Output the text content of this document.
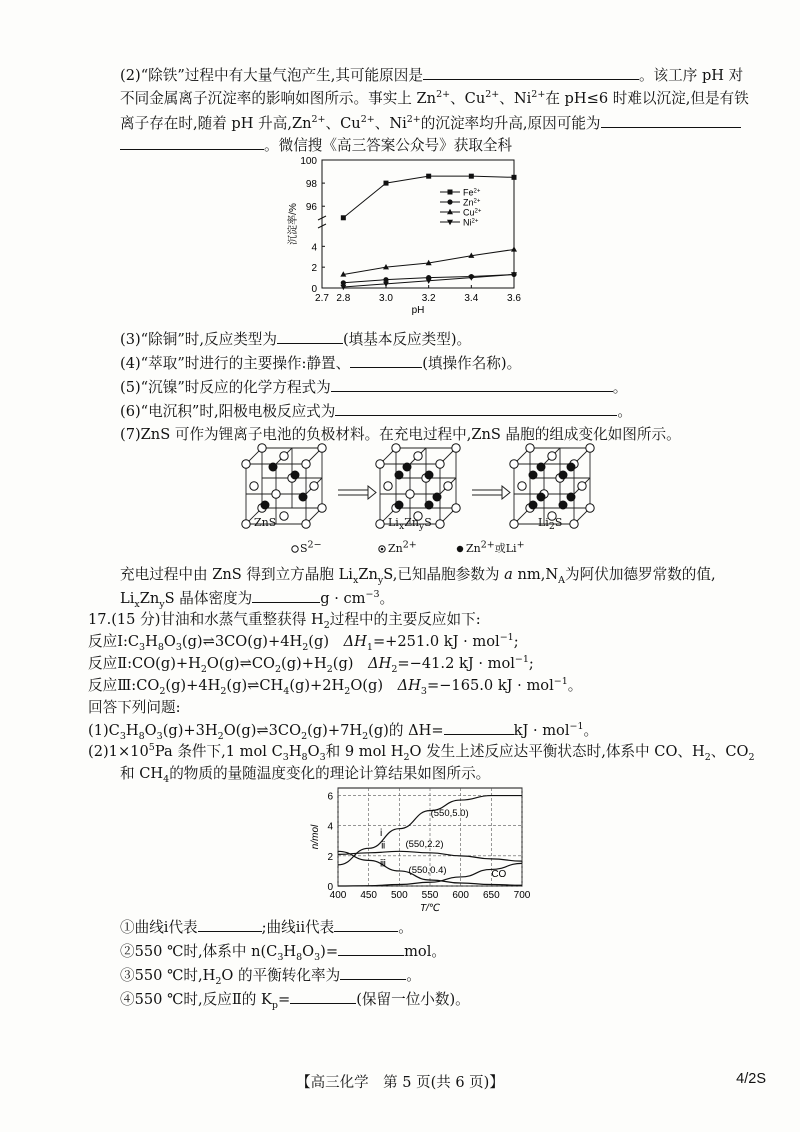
(2)“除铁”过程中有大量气泡产生,其可能原因是	。该工序 pH 对
不同金属离子沉淀率的影响如图所示。事实上 $Zn^{2+}$、$Cu^{2+}$、$Ni^{2+}$在 pH≤6 时难以沉淀,但是有铁
离子存在时,随着 pH 升高$,Zn^{2+}$、$Cu^{2+}$、$Ni^{2+}$的沉淀率均升高,原因可能为
。微信搜《高三答案公众号》获取全科
2.7 2.8	3.0	3.2	3.4	3.6
pH
96
98
100
0
2
4
沉淀率/%
$Fe^{2+}$
$Zn^{2+}$
$Cu^{2+}$
$Ni^{2+}$
(3)“除铜”时,反应类型为	(填基本反应类型)。
(4)“萃取”时进行的主要操作:静置、	(填操作名称)。
(5)“沉镍”时反应的化学方程式为	。
(6)“电沉积”时,阳极电极反应式为	。
(7)ZnS 可作为锂离子电池的负极材料。在充电过程中,ZnS 晶胞的组成变化如图所示。
ZnS	$Li_xZn_yS$	$Li_2S$
$S^{2-}$	$Zn^{2+}$	$Zn^{2+}$或Li+
充电过程中由 ZnS 得到立方晶胞 $Li_xZn_yS$,已知晶胞参数为 a $nm,N_A$为阿伏加德罗常数的值,
$Li_xZn_yS$ 晶体密度为	$g \cdot cm^{-3}$。
17.(15 分)甘油和水蒸气重整获得 $H_2$过程中的主要反应如下:
反应$Ⅰ:C_3H_8O_3(g)\rightleftharpoons 3CO(g)+4H_2(g)$  $\Delta H_1=+251.0$ kJ · mol$^{-1}$;
反应$Ⅱ:CO(g)+H_2O(g)\rightleftharpoons CO_2(g)+H_2(g)$  $\Delta H_2=-41.2$ kJ · mol$^{-1}$;
反应$Ⅲ:CO_2(g)+4H_2(g)\rightleftharpoons CH_4(g)+2H_2O(g)$  $\Delta H_3=-165.0$ kJ · mol$^{-1}$。
回答下列问题:
$(1)C_3H_8O_3(g)+3H_2O(g)\rightleftharpoons 3CO_2(g)+7H_2(g)$的 ΔH=	kJ · mol$^{-1}$。
$(2)1\times 10^5Pa$ 条件下,1 mol $C_3H_8O_3$和 9 mol $H_2O$ 发生上述反应达平衡状态时,体系中 CO、$H_2$、$CO_2$
和 $CH_4$的物质的量随温度变化的理论计算结果如图所示。
400 450 500 550 600 650 700
0
2
4
6
T/℃
n/mol	ⅰ
ⅱ
ⅲ
CO
(550,5.0)
(550,2.2)
(550,0.4)
①曲线ⅰ代表	;曲线ⅱ代表	。
②550 ℃时,体系中 $n(C_3H_8O_3)=$	mol。
③550 ℃时$,H_2O$ 的平衡转化率为	。
④550 ℃时,反应Ⅱ的 $K_p=$	(保留一位小数)。
【高三化学　第 5 页(共 6 页)】	4/2S
